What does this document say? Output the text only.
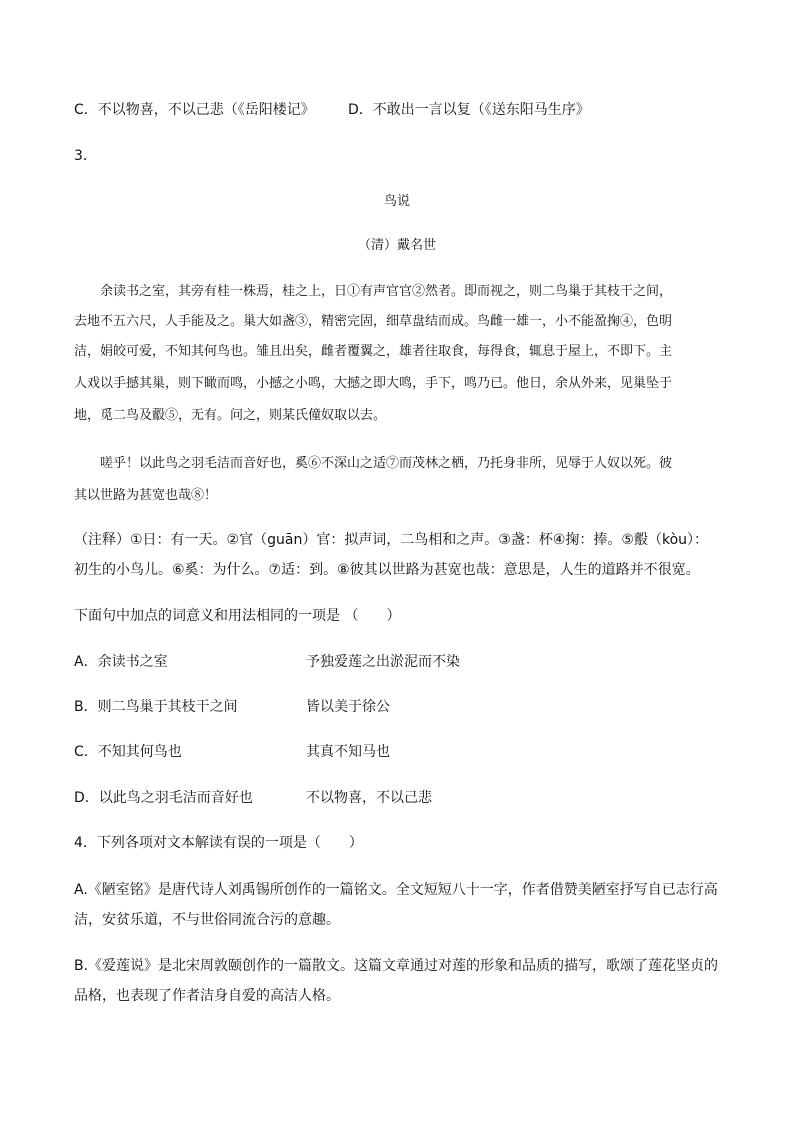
C．不以物喜，不以己悲（《岳阳楼记》 D．不敢出一言以复（《送东阳马生序》
3．
鸟说
（清）戴名世
余读书之室，其旁有桂一株焉，桂之上，日①有声官官②然者。即而视之，则二鸟巢于其枝干之间，
去地不五六尺，人手能及之。巢大如盏③，精密完固，细草盘结而成。鸟雌一雄一，小不能盈掬④，色明
洁，娟皎可爱，不知其何鸟也。雏且出矣，雌者覆翼之，雄者往取食，每得食，辄息于屋上，不即下。主
人戏以手撼其巢，则下瞰而鸣，小撼之小鸣，大撼之即大鸣，手下，鸣乃已。他日，余从外来，见巢坠于
地，觅二鸟及鷇⑤，无有。问之，则某氏僮奴取以去。
嗟乎！以此鸟之羽毛洁而音好也，奚⑥不深山之适⑦而茂林之栖，乃托身非所，见辱于人奴以死。彼
其以世路为甚宽也哉⑧！
（注释）①日：有一天。②官（guān）官：拟声词，二鸟相和之声。③盏：杯④掬：捧。⑤鷇（kòu）：
初生的小鸟儿。⑥奚：为什么。⑦适：到。⑧彼其以世路为甚宽也哉：意思是，人生的道路并不很宽。
下面句中加点的词意义和用法相同的一项是 （　　）
A．余读书之室	予独爱莲之出淤泥而不染
B．则二鸟巢于其枝干之间	皆以美于徐公
C．不知其何鸟也	其真不知马也
D．以此鸟之羽毛洁而音好也	不以物喜，不以己悲
4．下列各项对文本解读有误的一项是（　　）
A.《陋室铭》是唐代诗人刘禹锡所创作的一篇铭文。全文短短八十一字，作者借赞美陋室抒写自已志行高
洁，安贫乐道，不与世俗同流合污的意趣。
B.《爱莲说》是北宋周敦颐创作的一篇散文。这篇文章通过对莲的形象和品质的描写，歌颂了莲花坚贞的
品格，也表现了作者洁身自爱的高洁人格。
